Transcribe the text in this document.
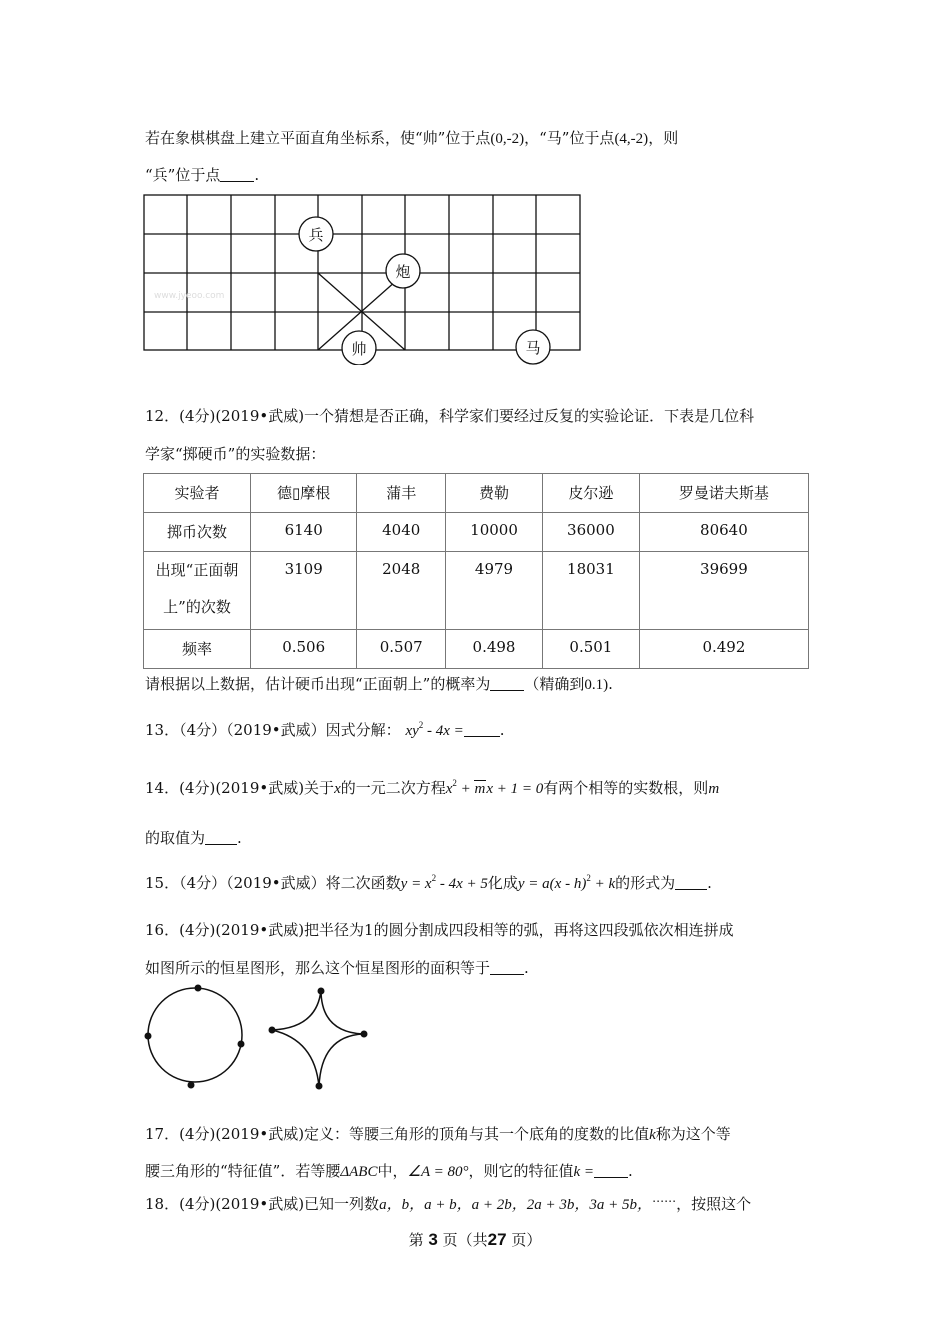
若在象棋棋盘上建立平面直角坐标系，使“帅”位于点(0,‑2)，“马”位于点(4,‑2)，则
“兵”位于点 .
www.jyeoo.com
兵
炮
帅	马
12．(4分)(2019•武威)一个猜想是否正确，科学家们要经过反复的实验论证．下表是几位科
学家“掷硬币”的实验数据：
实验者	德▯摩根	蒲丰	费勒	皮尔逊	罗曼诺夫斯基
掷币次数	6140	4040	10000	36000	80640

出现“正面朝
上”的次数	3109	2048	4979	18031	39699
频率	0.506	0.507	0.498	0.501	0.492
请根据以上数据，估计硬币出现“正面朝上”的概率为 （精确到0.1).
13．（4分）（2019•武威）因式分解： $xy^2$ ‑ 4x = .
14．(4分)(2019•武威)关于x的一元二次方程$x^2$ + mx + 1 = 0有两个相等的实数根，则m
的取值为 .
15．（4分）（2019•武威）将二次函数$y = x^2$ ‑ 4x + 5化成y = a(x ‑ h)$^2$ + k的形式为 .
16．(4分)(2019•武威)把半径为1的圆分割成四段相等的弧，再将这四段弧依次相连拼成
如图所示的恒星图形，那么这个恒星图形的面积等于 .
17．(4分)(2019•武威)定义：等腰三角形的顶角与其一个底角的度数的比值k称为这个等
腰三角形的“特征值”．若等腰ΔABC中，∠A = 80°，则它的特征值k = .
18．(4分)(2019•武威)已知一列数a，b，a + b，a + 2b，2a + 3b，3a + 5b，⋯⋯，按照这个
第 3 页（共27 页）
